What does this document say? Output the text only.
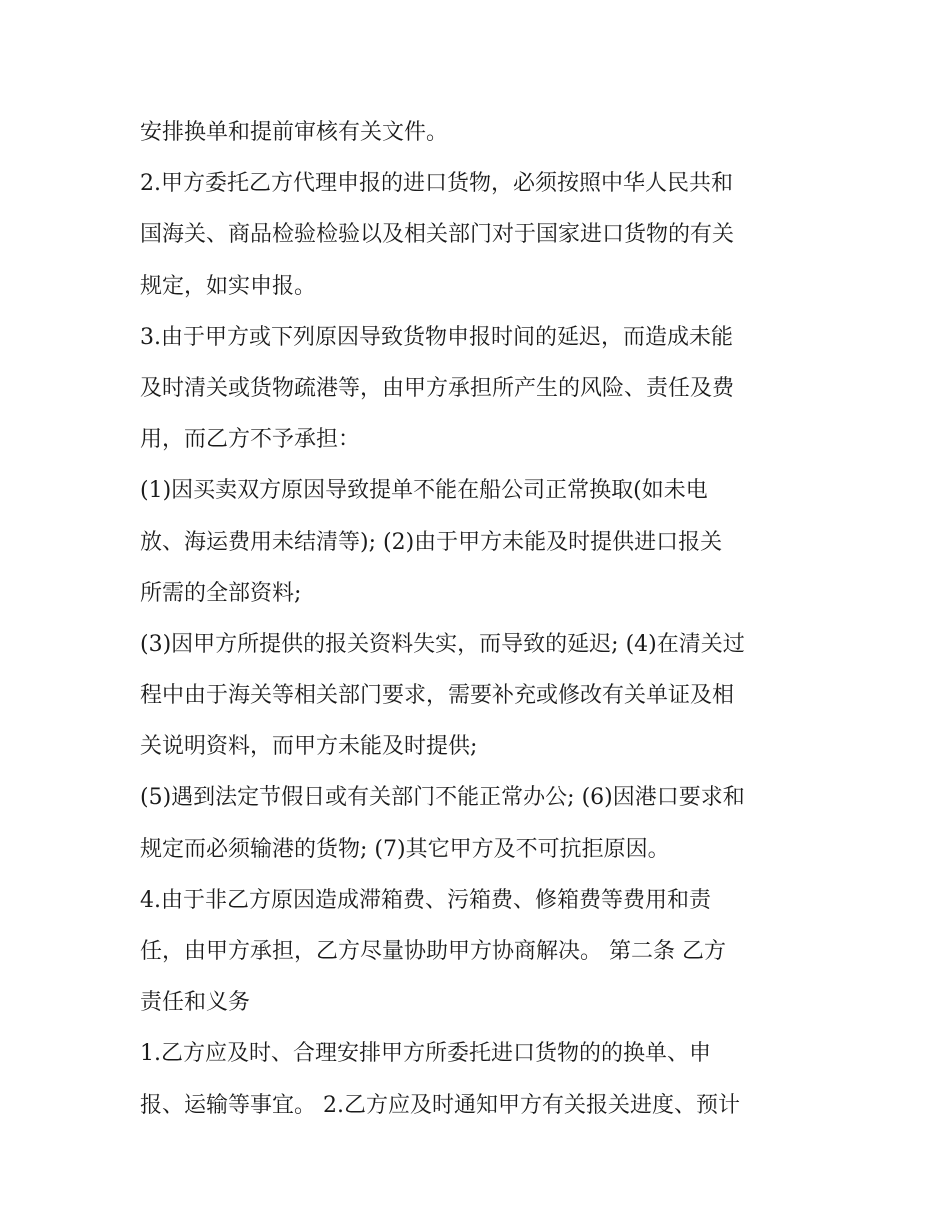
安排换单和提前审核有关文件。

2.甲方委托乙方代理申报的进口货物，必须按照中华人民共和

国海关、商品检验检验以及相关部门对于国家进口货物的有关

规定，如实申报。

3.由于甲方或下列原因导致货物申报时间的延迟，而造成未能

及时清关或货物疏港等，由甲方承担所产生的风险、责任及费

用，而乙方不予承担：

(1)因买卖双方原因导致提单不能在船公司正常换取(如未电

放、海运费用未结清等); (2)由于甲方未能及时提供进口报关

所需的全部资料;

(3)因甲方所提供的报关资料失实，而导致的延迟; (4)在清关过

程中由于海关等相关部门要求，需要补充或修改有关单证及相

关说明资料，而甲方未能及时提供;

(5)遇到法定节假日或有关部门不能正常办公; (6)因港口要求和

规定而必须输港的货物; (7)其它甲方及不可抗拒原因。

4.由于非乙方原因造成滞箱费、污箱费、修箱费等费用和责

任，由甲方承担，乙方尽量协助甲方协商解决。 第二条 乙方

责任和义务

1.乙方应及时、合理安排甲方所委托进口货物的的换单、申

报、运输等事宜。 2.乙方应及时通知甲方有关报关进度、预计
